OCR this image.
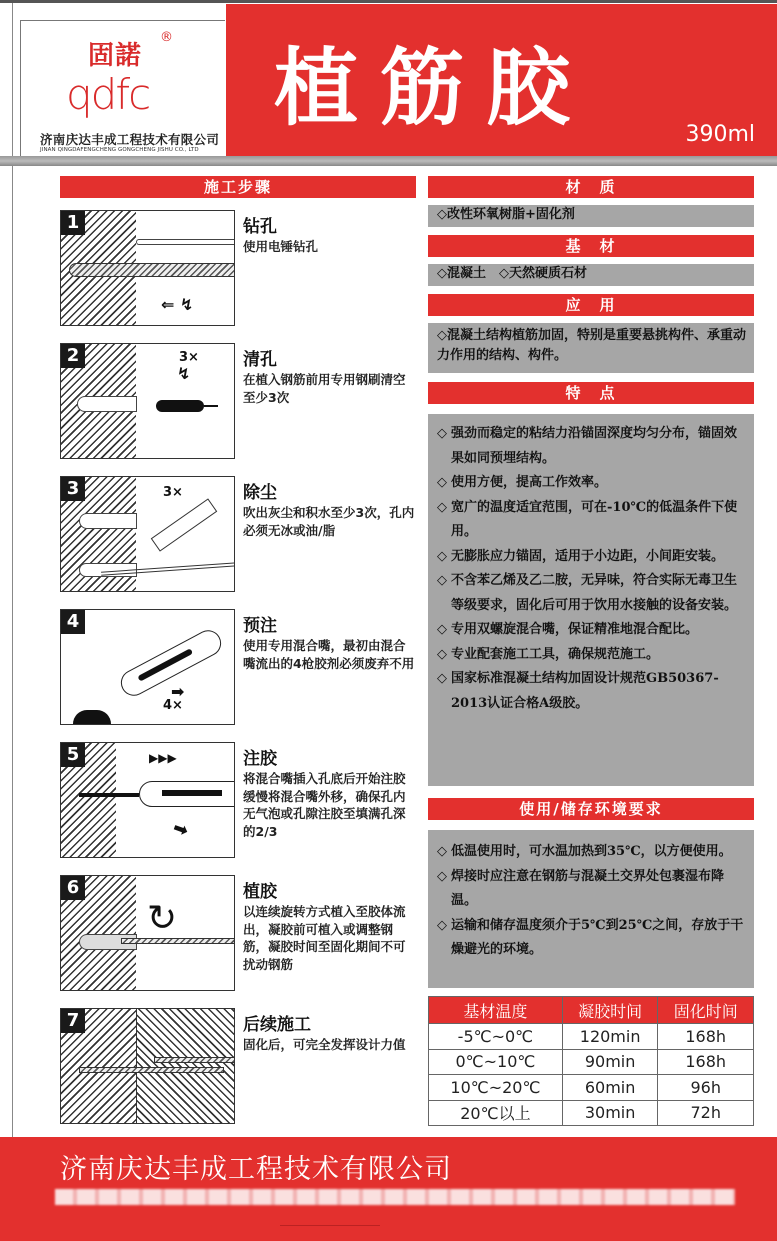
固諾
®
qdfc
济南庆达丰成工程技术有限公司
JINAN QINGDAFENGCHENG GONGCHENG JISHU CO., LTD
植筋胶	390ml
施工步骤
1
⇐ ↯
钻孔
使用电锤钻孔
2	3×
↯
清孔
在植入钢筋前用专用钢刷清空至少3次
3	3×	除尘
吹出灰尘和积水至少3次，孔内必须无冰或油/脂
4
➡
4×
预注
使用专用混合嘴，最初由混合嘴流出的4枪胶剂必须废弃不用
5	▶▶▶
➡
注胶
将混合嘴插入孔底后开始注胶缓慢将混合嘴外移，确保孔内无气泡或孔隙注胶至填满孔深的2/3
6
↻
植胶
以连续旋转方式植入至胶体流出，凝胶前可植入或调整钢筋，凝胶时间至固化期间不可扰动钢筋
7	后续施工
固化后，可完全发挥设计力值
材　质
◇改性环氧树脂+固化剂
基　材
◇混凝土　◇天然硬质石材
应　用
◇混凝土结构植筋加固，特别是重要悬挑构件、承重动力作用的结构、构件。
特　点
◇ 强劲而稳定的粘结力沿锚固深度均匀分布，锚固效果如同预埋结构。
◇ 使用方便，提高工作效率。
◇ 宽广的温度适宜范围，可在-10℃的低温条件下使用。
◇ 无膨胀应力锚固，适用于小边距，小间距安装。
◇ 不含苯乙烯及乙二胺，无异味，符合实际无毒卫生等级要求，固化后可用于饮用水接触的设备安装。
◇ 专用双螺旋混合嘴，保证精准地混合配比。
◇ 专业配套施工工具，确保规范施工。
◇ 国家标准混凝土结构加固设计规范GB50367-2013认证合格A级胶。
使用/储存环境要求
◇ 低温使用时，可水温加热到35℃，以方便使用。
◇ 焊接时应注意在钢筋与混凝土交界处包裹湿布降温。
◇ 运输和储存温度须介于5℃到25℃之间，存放于干燥避光的环境。
基材温度	凝胶时间	固化时间
-5℃~0℃	120min	168h
0℃~10℃	90min	168h
10℃~20℃	60min	96h
20℃以上	30min	72h
济南庆达丰成工程技术有限公司
